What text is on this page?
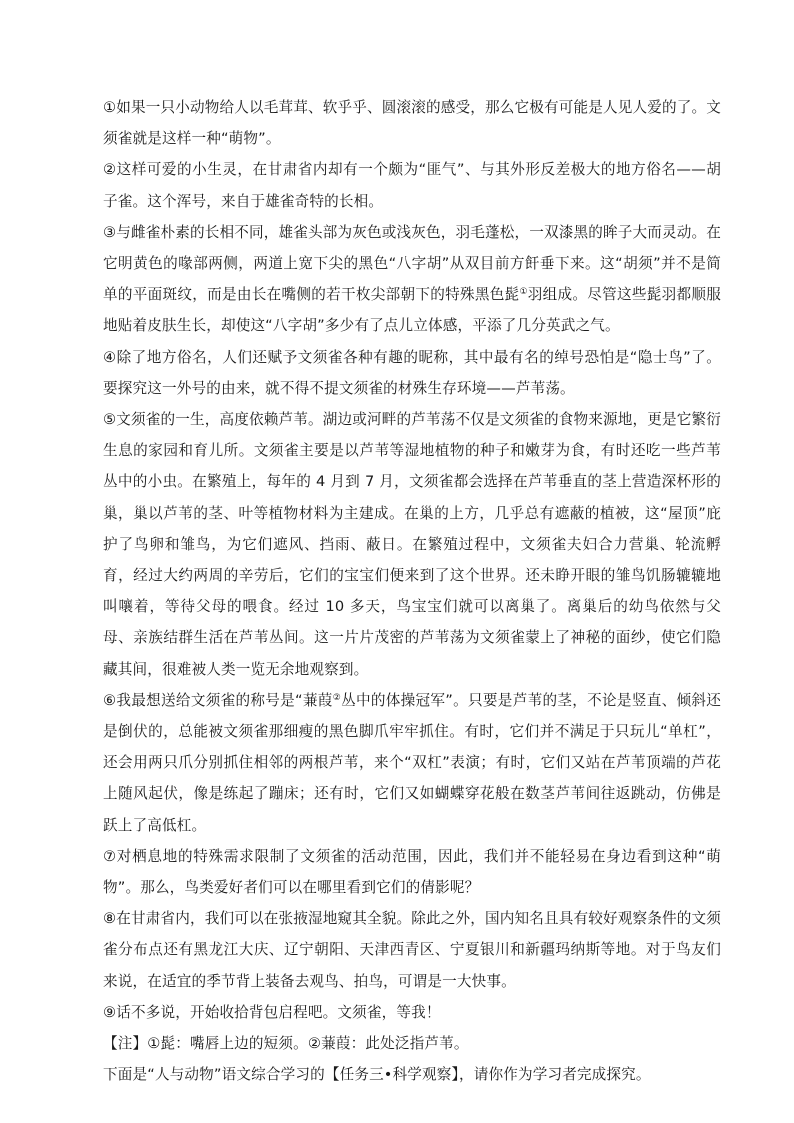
①如果一只小动物给人以毛茸茸、软乎乎、圆滚滚的感受，那么它极有可能是人见人爱的了。文须雀就是这样一种“萌物”。

②这样可爱的小生灵，在甘肃省内却有一个颇为“匪气”、与其外形反差极大的地方俗名——胡子雀。这个浑号，来自于雄雀奇特的长相。

③与雌雀朴素的长相不同，雄雀头部为灰色或浅灰色，羽毛蓬松，一双漆黑的眸子大而灵动。在它明黄色的喙部两侧，两道上宽下尖的黑色“八字胡”从双目前方飦垂下来。这“胡须”并不是简单的平面斑纹，而是由长在嘴侧的若干枚尖部朝下的特殊黑色髭①羽组成。尽管这些髭羽都顺服地贴着皮肤生长，却使这“八字胡”多少有了点儿立体感，平添了几分英武之气。

④除了地方俗名，人们还赋予文须雀各种有趣的昵称，其中最有名的绰号恐怕是“隐士鸟”了。要探究这一外号的由来，就不得不提文须雀的材殊生存环境——芦苇荡。

⑤文须雀的一生，高度依赖芦苇。湖边或河畔的芦苇荡不仅是文须雀的食物来源地，更是它繁衍生息的家园和育儿所。文须雀主要是以芦苇等湿地植物的种子和嫩芽为食，有时还吃一些芦苇丛中的小虫。在繁殖上，每年的 4 月到 7 月，文须雀都会选择在芦苇垂直的茎上营造深杯形的巢，巢以芦苇的茎、叶等植物材料为主建成。在巢的上方，几乎总有遮蔽的植被，这“屋顶”庇护了鸟卵和雏鸟，为它们遮风、挡雨、蔽日。在繁殖过程中，文须雀夫妇合力营巢、轮流孵育，经过大约两周的辛劳后，它们的宝宝们便来到了这个世界。还未睁开眼的雏鸟饥肠辘辘地叫嚷着，等待父母的喂食。经过 10 多天，鸟宝宝们就可以离巢了。离巢后的幼鸟依然与父母、亲族结群生活在芦苇丛间。这一片片茂密的芦苇荡为文须雀蒙上了神秘的面纱，使它们隐藏其间，很难被人类一览无余地观察到。

⑥我最想送给文须雀的称号是“蒹葭②丛中的体操冠军”。只要是芦苇的茎，不论是竖直、倾斜还是倒伏的，总能被文须雀那细瘦的黑色脚爪牢牢抓住。有时，它们并不满足于只玩儿“单杠”，还会用两只爪分别抓住相邻的两根芦苇，来个“双杠”表演；有时，它们又站在芦苇顶端的芦花上随风起伏，像是练起了蹦床；还有时，它们又如蝴蝶穿花般在数茎芦苇间往返跳动，仿佛是跃上了高低杠。

⑦对栖息地的特殊需求限制了文须雀的活动范围，因此，我们并不能轻易在身边看到这种“萌物”。那么，鸟类爱好者们可以在哪里看到它们的倩影呢？

⑧在甘肃省内，我们可以在张掖湿地窥其全貌。除此之外，国内知名且具有较好观察条件的文须雀分布点还有黑龙江大庆、辽宁朝阳、天津西青区、宁夏银川和新疆玛纳斯等地。对于鸟友们来说，在适宜的季节背上装备去观鸟、拍鸟，可谓是一大快事。

⑨话不多说，开始收拾背包启程吧。文须雀，等我！

【注】①髭：嘴唇上边的短须。②蒹葭：此处泛指芦苇。

下面是“人与动物”语文综合学习的【任务三•科学观察】，请你作为学习者完成探究。
